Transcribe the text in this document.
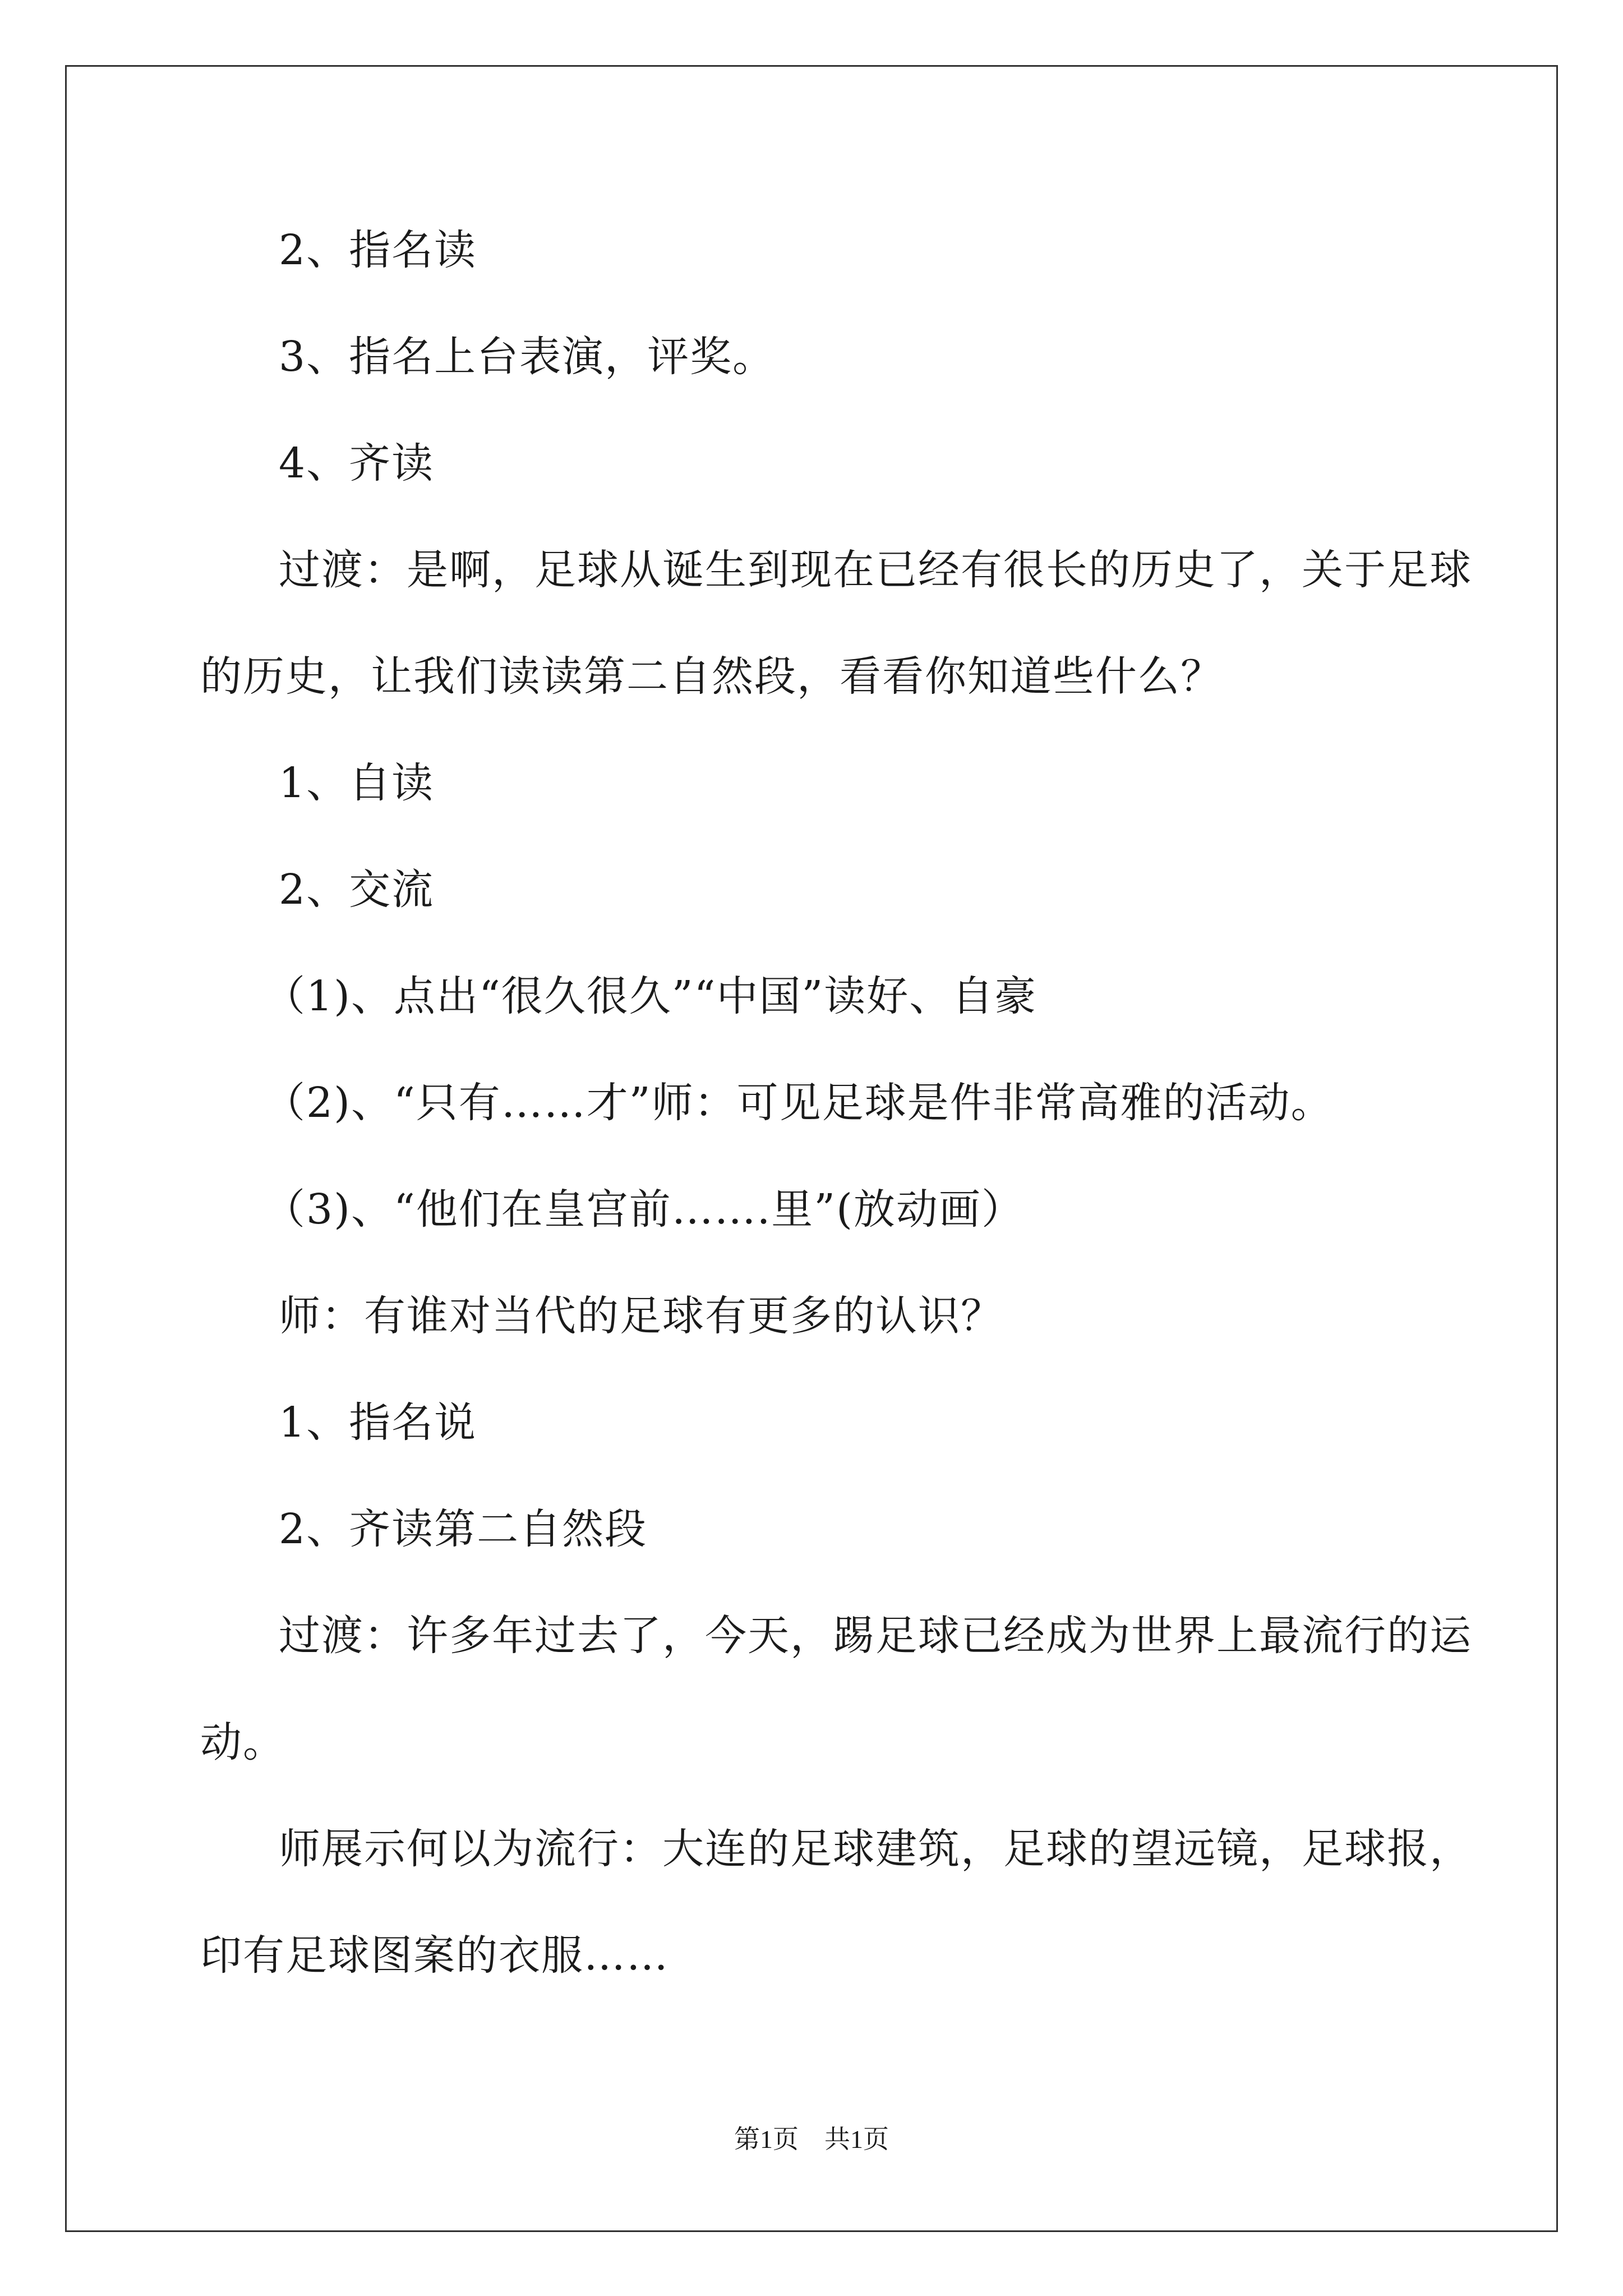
2、指名读
3、指名上台表演，评奖。
4、齐读
过渡：是啊，足球从诞生到现在已经有很长的历史了，关于足球
的历史，让我们读读第二自然段，看看你知道些什么？
1、自读
2、交流
（1)、点出“很久很久”“中国”读好、自豪
（2)、“只有……才”师：可见足球是件非常高雅的活动。
（3)、“他们在皇宫前…….里”(放动画）
师：有谁对当代的足球有更多的认识？
1、指名说
2、齐读第二自然段
过渡：许多年过去了，今天，踢足球已经成为世界上最流行的运
动。
师展示何以为流行：大连的足球建筑，足球的望远镜，足球报，
印有足球图案的衣服……
第1页　共1页
